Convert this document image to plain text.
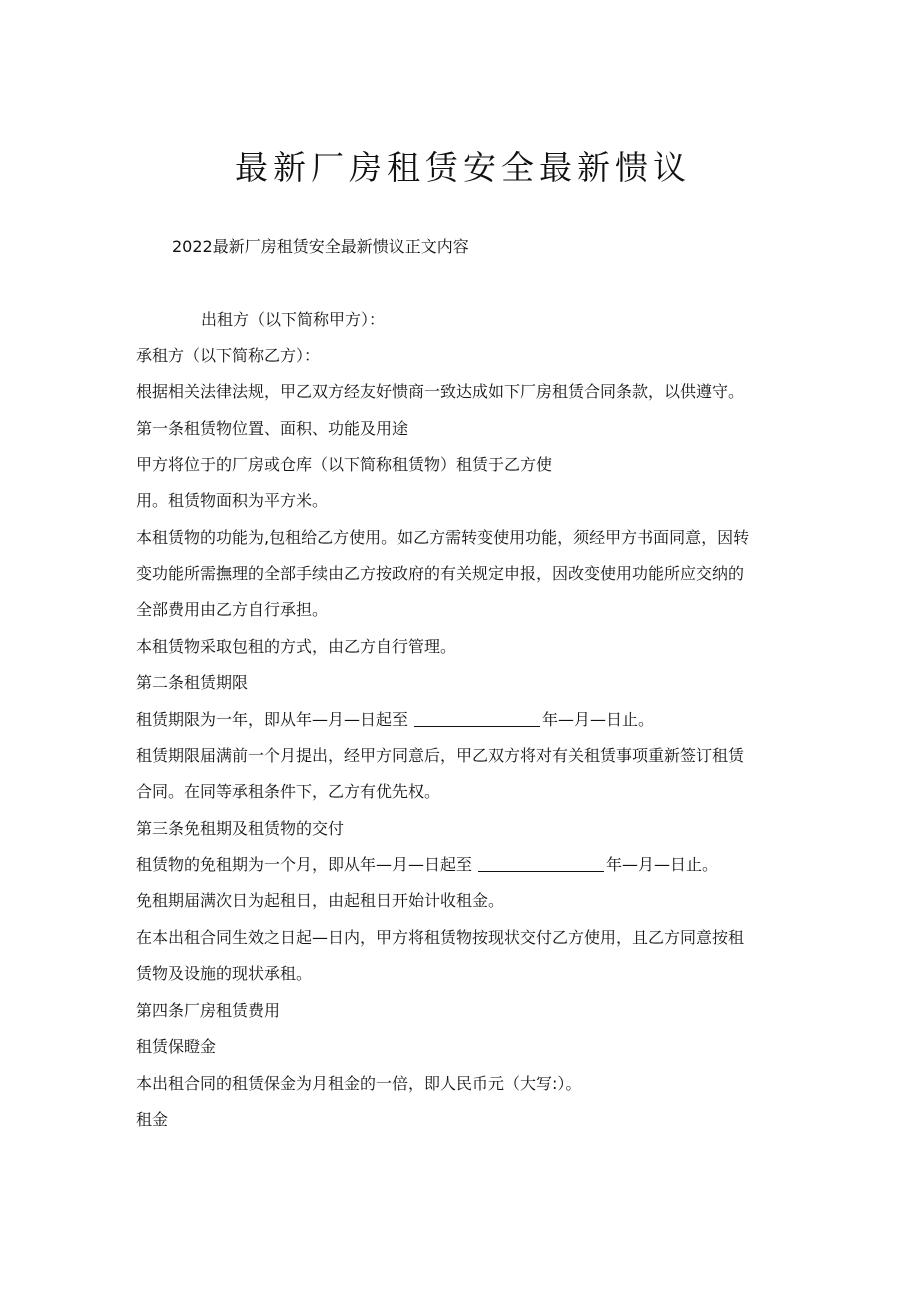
最新厂房租赁安全最新愦议
2022最新厂房租赁安全最新愦议正文内容
出租方（以下简称甲方）：
承租方（以下简称乙方）：
根据相关法律法规，甲乙双方经友好愦商一致达成如下厂房租赁合同条款，以供遵守。
第一条租赁物位置、面积、功能及用途
甲方将位于的厂房或仓库（以下简称租赁物）租赁于乙方使
用。租赁物面积为平方米。
本租赁物的功能为,包租给乙方使用。如乙方需转变使用功能，须经甲方书面同意，因转
变功能所需撫理的全部手续由乙方按政府的有关规定申报，因改变使用功能所应交纳的
全部费用由乙方自行承担。
本租赁物采取包租的方式，由乙方自行管理。
第二条租赁期限
租赁期限为一年，即从年—月—日起至	年—月—日止。
租赁期限届满前一个月提出，经甲方同意后，甲乙双方将对有关租赁事项重新签订租赁
合同。在同等承租条件下，乙方有优先权。
第三条免租期及租赁物的交付
租赁物的免租期为一个月，即从年—月—日起至	年—月—日止。
免租期届满次日为起租日，由起租日开始计收租金。
在本出租合同生效之日起—日内，甲方将租赁物按现状交付乙方使用，且乙方同意按租
赁物及设施的现状承租。
第四条厂房租赁费用
租赁保瞪金
本出租合同的租赁保金为月租金的一倍，即人民币元（大写:）。
租金
